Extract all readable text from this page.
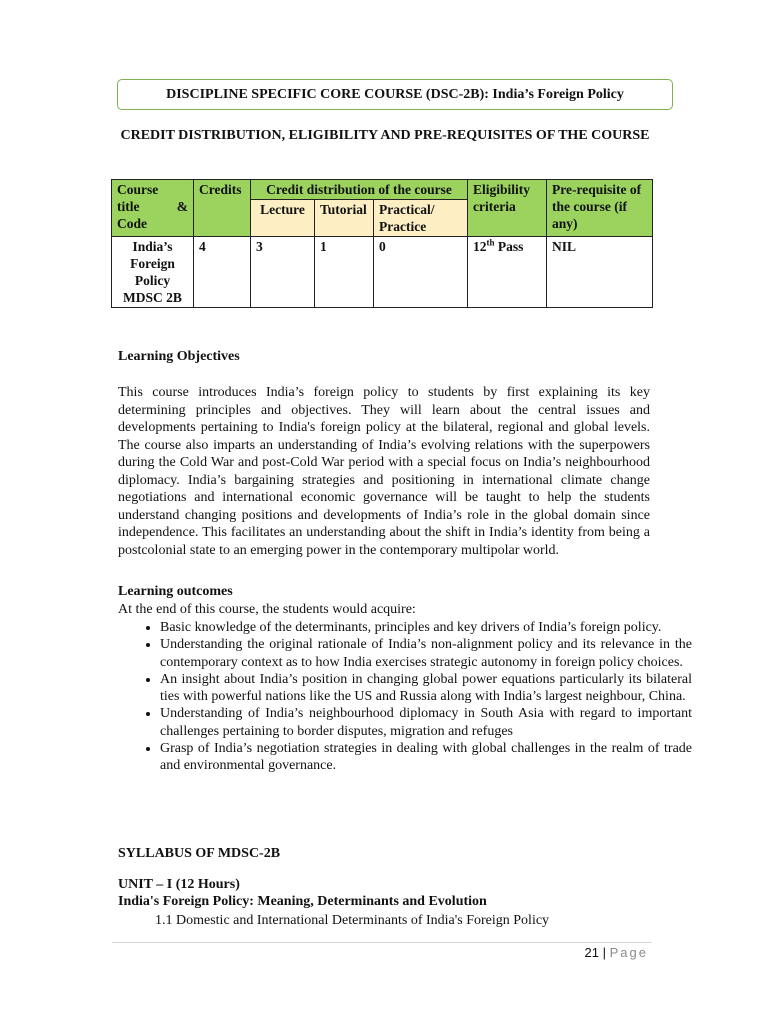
DISCIPLINE SPECIFIC CORE COURSE (DSC-2B): India’s Foreign Policy
CREDIT DISTRIBUTION, ELIGIBILITY AND PRE-REQUISITES OF THE COURSE
Course
title &
Code	Credits	Credit distribution of the course			Eligibility criteria	Pre-requisite of the course (if any)
		Lecture	Tutorial	Practical/ Practice		
India’s Foreign Policy MDSC 2B	4	3	1	0	12th Pass	NIL
Learning Objectives

This course introduces India’s foreign policy to students by first explaining its key determining principles and objectives. They will learn about the central issues and developments pertaining to India's foreign policy at the bilateral, regional and global levels. The course also imparts an understanding of India’s evolving relations with the superpowers during the Cold War and post-Cold War period with a special focus on India’s neighbourhood diplomacy. India’s bargaining strategies and positioning in international climate change negotiations and international economic governance will be taught to help the students understand changing positions and developments of India’s role in the global domain since independence. This facilitates an understanding about the shift in India’s identity from being a postcolonial state to an emerging power in the contemporary multipolar world.

Learning outcomes
At the end of this course, the students would acquire:
• Basic knowledge of the determinants, principles and key drivers of India’s foreign policy.
• Understanding the original rationale of India’s non-alignment policy and its relevance in the contemporary context as to how India exercises strategic autonomy in foreign policy choices.
• An insight about India’s position in changing global power equations particularly its bilateral ties with powerful nations like the US and Russia along with India’s largest neighbour, China.
• Understanding of India’s neighbourhood diplomacy in South Asia with regard to important challenges pertaining to border disputes, migration and refuges
• Grasp of India’s negotiation strategies in dealing with global challenges in the realm of trade and environmental governance.
SYLLABUS OF MDSC-2B
UNIT – I (12 Hours)
India's Foreign Policy: Meaning, Determinants and Evolution
1.1 Domestic and International Determinants of India's Foreign Policy
21 | Page
